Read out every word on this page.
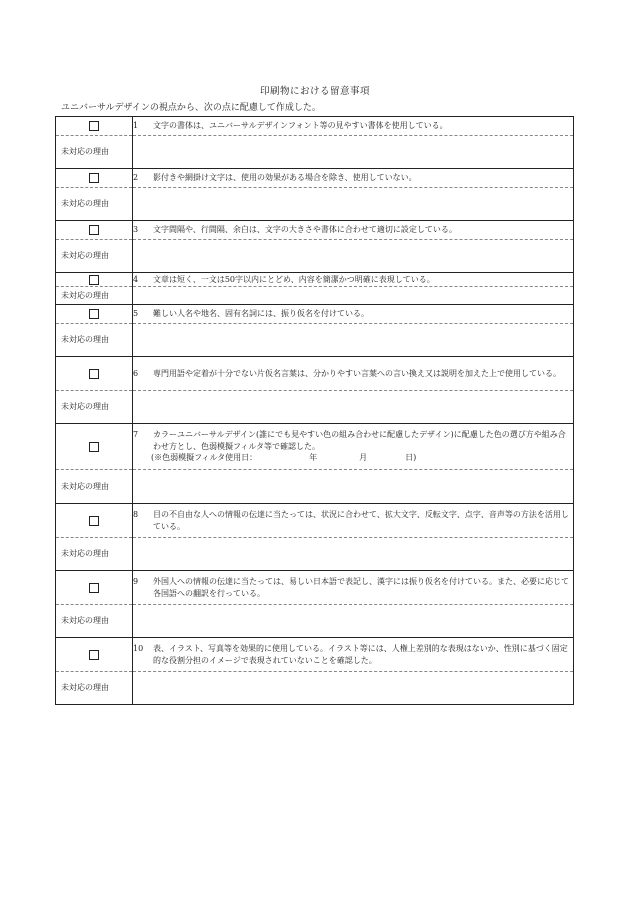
印刷物における留意事項
ユニバーサルデザインの視点から、次の点に配慮して作成した。

	1 文字の書体は、ユニバーサルデザインフォント等の見やすい書体を使用している。

未対応の理由	

	2 影付きや網掛け文字は、使用の効果がある場合を除き、使用していない。

未対応の理由	

	3 文字間隔や、行間隔、余白は、文字の大きさや書体に合わせて適切に設定している。

未対応の理由	

	4 文章は短く、一文は50字以内にとどめ、内容を簡潔かつ明確に表現している。

未対応の理由	

	5 難しい人名や地名、固有名詞には、振り仮名を付けている。

未対応の理由	

	6 専門用語や定着が十分でない片仮名言葉は、分かりやすい言葉への言い換え又は説明を加えた上で使用している。

未対応の理由	

	7 カラーユニバーサルデザイン(誰にでも見やすい色の組み合わせに配慮したデザイン)に配慮した色の選び方や組み合わせ方とし、色弱模擬フィルタ等で確認した。
(※色弱模擬フィルタ使用日： 年 月 日)

未対応の理由	

	8 目の不自由な人への情報の伝達に当たっては、状況に合わせて、拡大文字、反転文字、点字、音声等の方法を活用している。

未対応の理由	

	9 外国人への情報の伝達に当たっては、易しい日本語で表記し、漢字には振り仮名を付けている。また、必要に応じて各国語への翻訳を行っている。

未対応の理由	

	10 表、イラスト、写真等を効果的に使用している。イラスト等には、人権上差別的な表現はないか、性別に基づく固定的な役割分担のイメージで表現されていないことを確認した。

未対応の理由	
